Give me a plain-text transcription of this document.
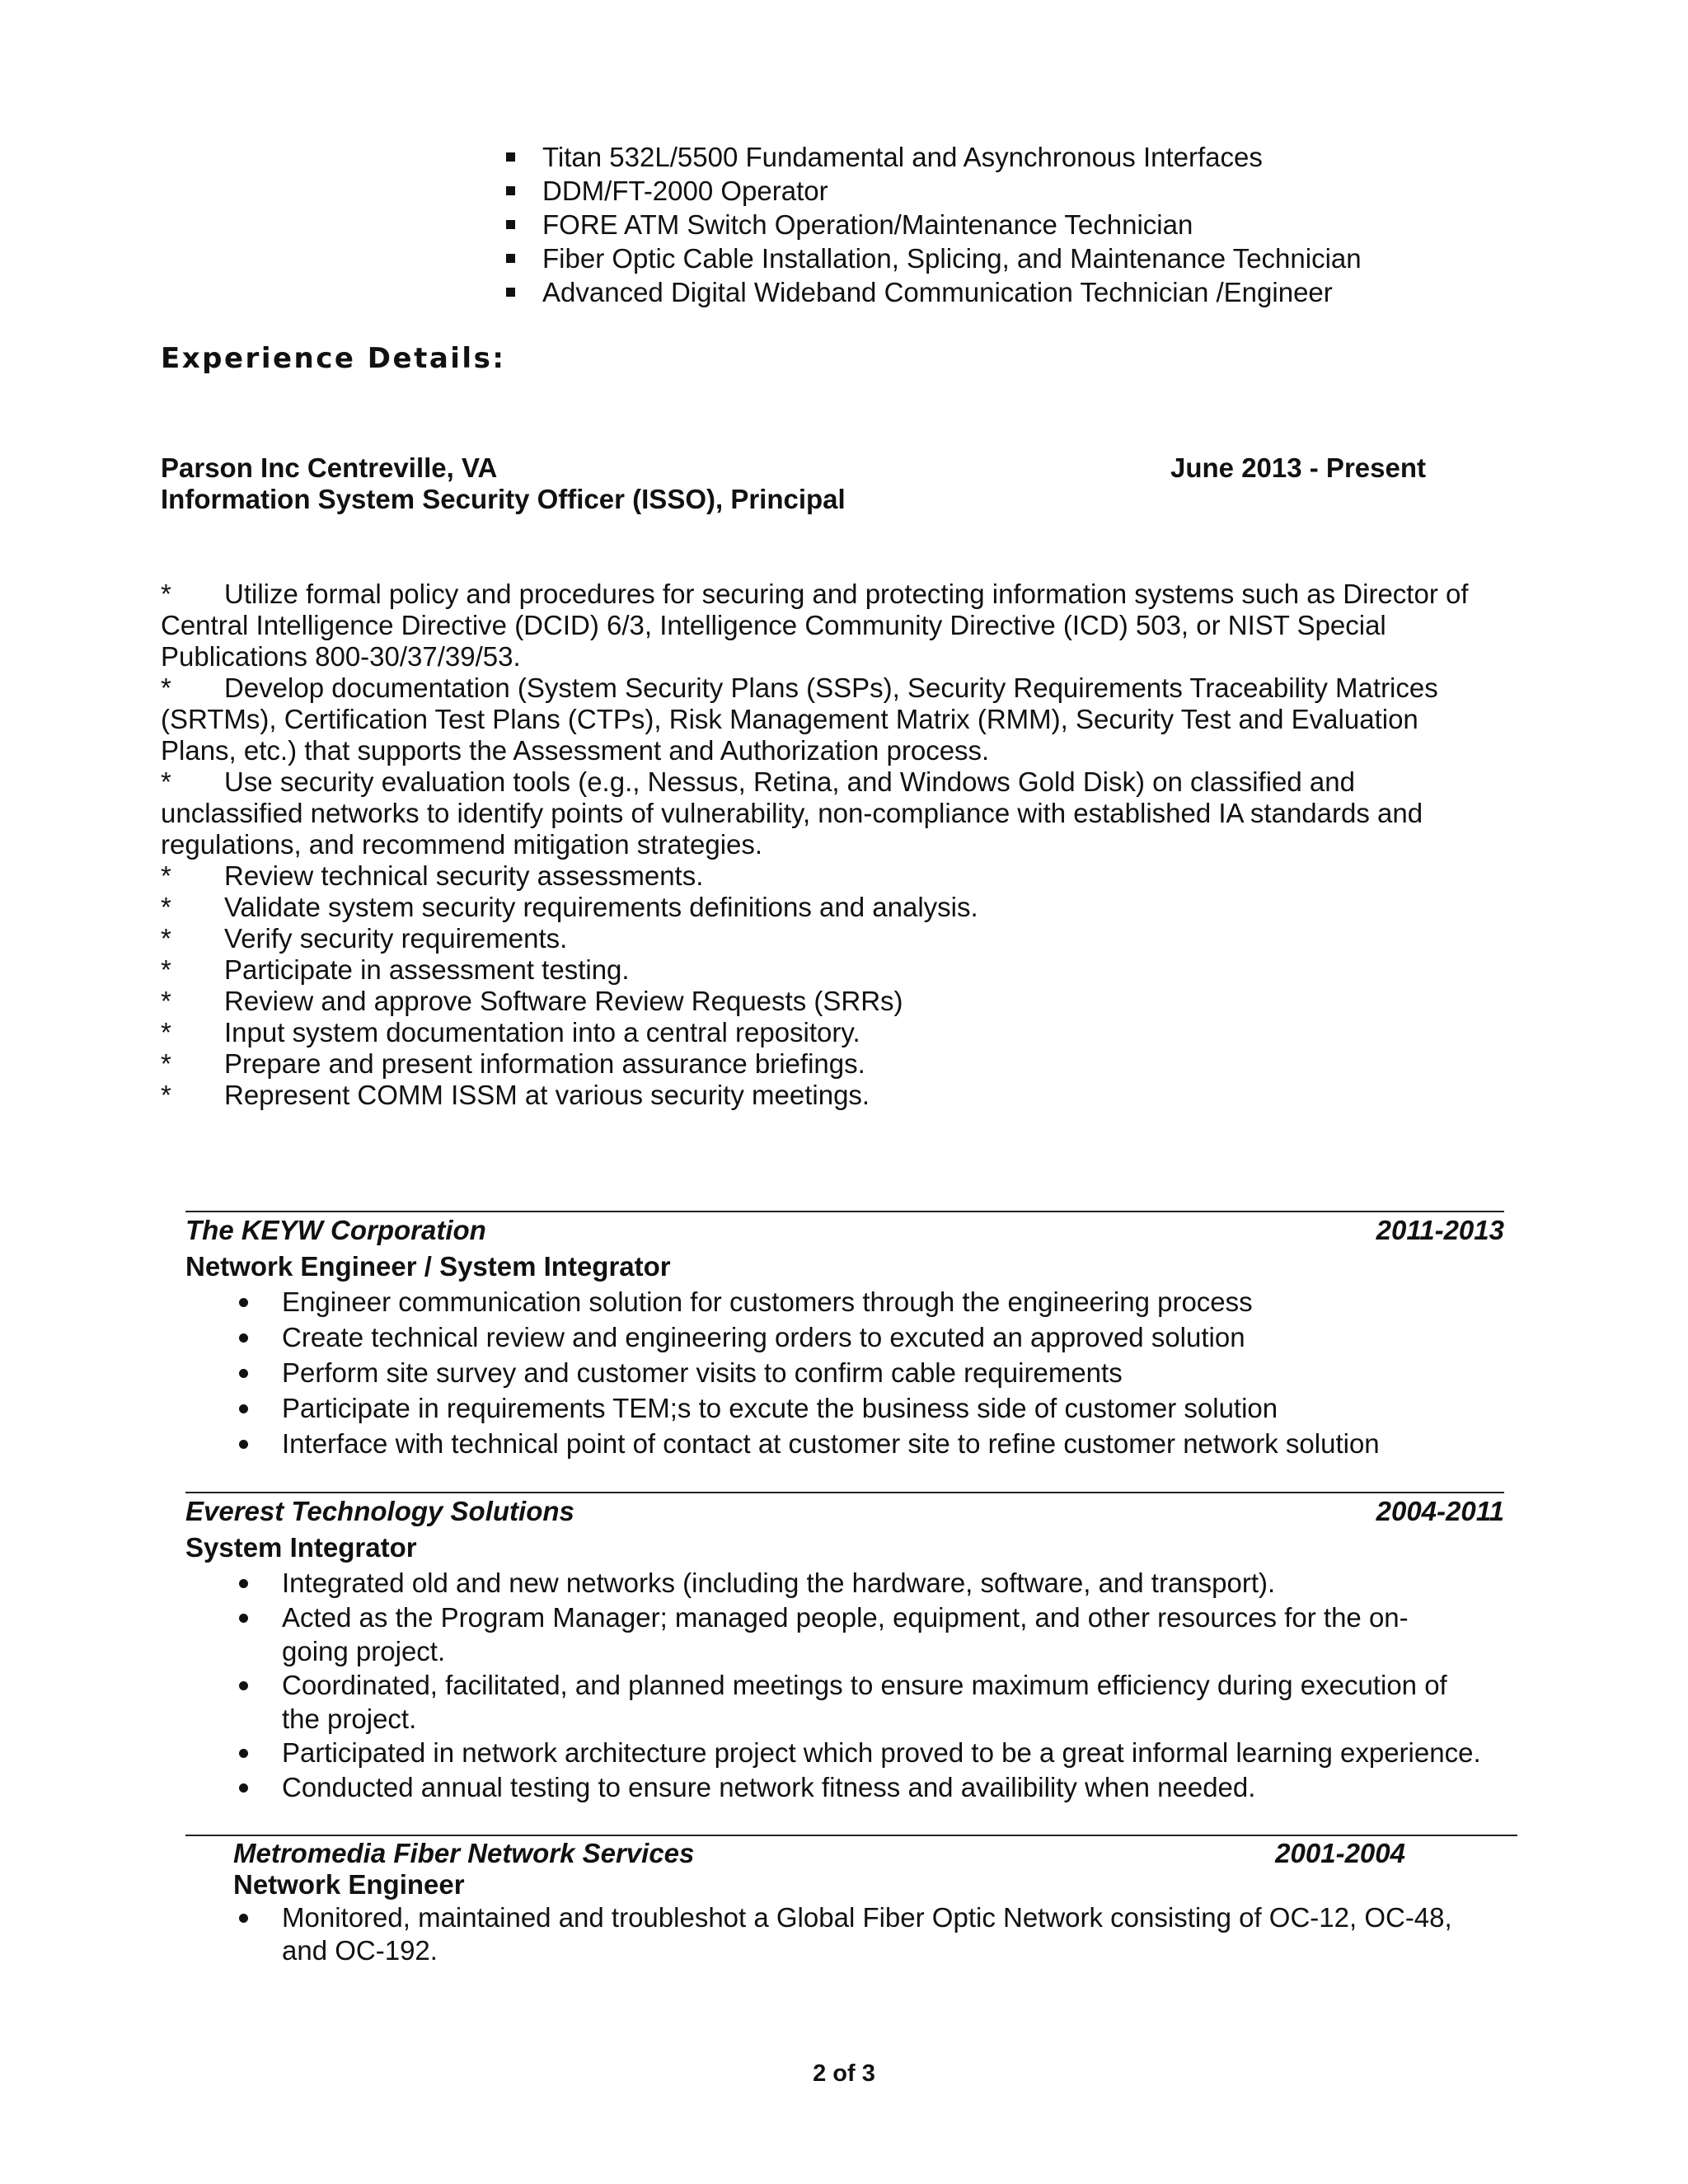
Titan 532L/5500 Fundamental and Asynchronous Interfaces
DDM/FT-2000 Operator
FORE ATM Switch Operation/Maintenance Technician
Fiber Optic Cable Installation, Splicing, and Maintenance Technician
Advanced Digital Wideband Communication Technician /Engineer
Experience Details:
Parson Inc Centreville, VA	June 2013 - Present
Information System Security Officer (ISSO), Principal
*	Utilize formal policy and procedures for securing and protecting information systems such as Director of
Central Intelligence Directive (DCID) 6/3, Intelligence Community Directive (ICD) 503, or NIST Special
Publications 800-30/37/39/53.
*	Develop documentation (System Security Plans (SSPs), Security Requirements Traceability Matrices
(SRTMs), Certification Test Plans (CTPs), Risk Management Matrix (RMM), Security Test and Evaluation
Plans, etc.) that supports the Assessment and Authorization process.
*	Use security evaluation tools (e.g., Nessus, Retina, and Windows Gold Disk) on classified and
unclassified networks to identify points of vulnerability, non-compliance with established IA standards and
regulations, and recommend mitigation strategies.
*	Review technical security assessments.
*	Validate system security requirements definitions and analysis.
*	Verify security requirements.
*	Participate in assessment testing.
*	Review and approve Software Review Requests (SRRs)
*	Input system documentation into a central repository.
*	Prepare and present information assurance briefings.
*	Represent COMM ISSM at various security meetings.
The KEYW Corporation	2011-2013
Network Engineer / System Integrator
Engineer communication solution for customers through the engineering process
Create technical review and engineering orders to excuted an approved solution
Perform site survey and customer visits to confirm cable requirements
Participate in requirements TEM;s to excute the business side of customer solution
Interface with technical point of contact at customer site to refine customer network solution
Everest Technology Solutions	2004-2011
System Integrator
Integrated old and new networks (including the hardware, software, and transport).
Acted as the Program Manager; managed people, equipment, and other resources for the on-
going project.
Coordinated, facilitated, and planned meetings to ensure maximum efficiency during execution of
the project.
Participated in network architecture project which proved to be a great informal learning experience.
Conducted annual testing to ensure network fitness and availibility when needed.
Metromedia Fiber Network Services	2001-2004
Network Engineer
Monitored, maintained and troubleshot a Global Fiber Optic Network consisting of OC-12, OC-48,
and OC-192.
2 of 3
